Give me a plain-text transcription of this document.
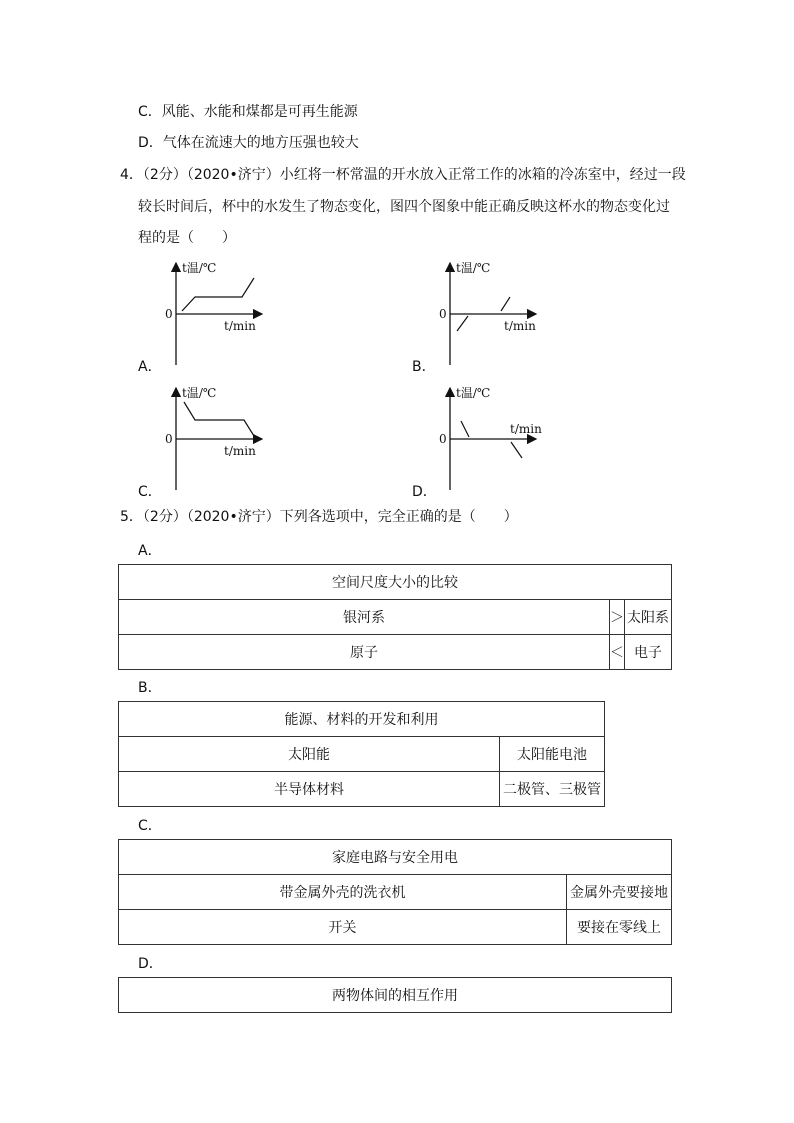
C．风能、水能和煤都是可再生能源
D．气体在流速大的地方压强也较大
4．（2分）（2020•济宁）小红将一杯常温的开水放入正常工作的冰箱的冷冻室中，经过一段
较长时间后，杯中的水发生了物态变化，图四个图象中能正确反映这杯水的物态变化过
程的是（　　）
t温/℃
0
t/min
A．
t温/℃
0
t/min
B．
t温/℃
0
t/min
C．
t温/℃
0
t/min
D．
5．（2分）（2020•济宁）下列各选项中，完全正确的是（　　）
A．
空间尺度大小的比较		
银河系	＞	太阳系
原子	＜	电子
B．
能源、材料的开发和利用	
太阳能	太阳能电池
半导体材料	二极管、三极管
C．
家庭电路与安全用电	
带金属外壳的洗衣机	金属外壳要接地
开关	要接在零线上
D．
两物体间的相互作用
